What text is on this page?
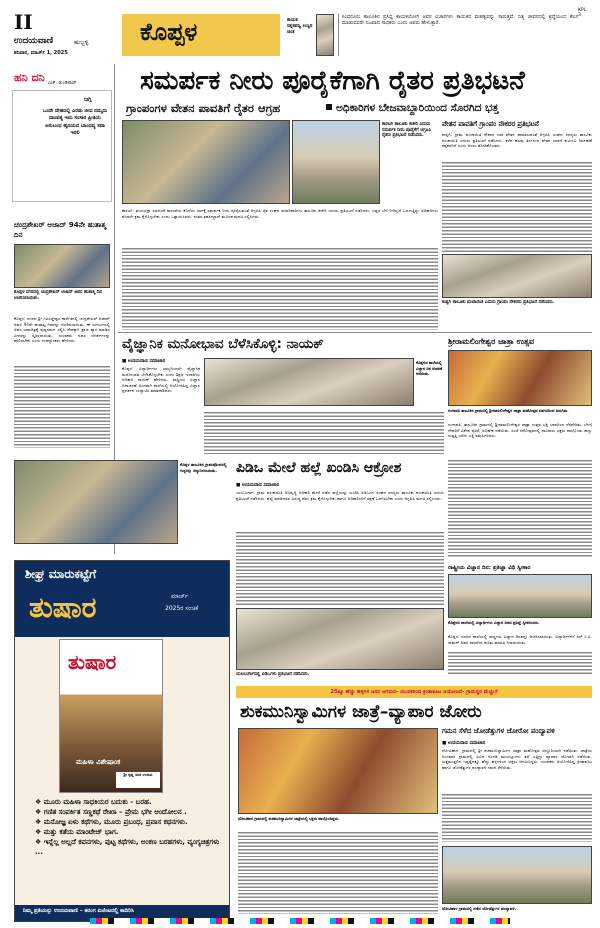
II
ಉದಯವಾಣಿ	ಹುಬ್ಬಳ್ಳಿ
ಶನಿವಾರ, ಮಾರ್ಚ್ 1, 2025
ಕೊಪ್ಪಳ	ಕಾಯಕ ರತ್ನತಪಸ್ವಿ ಉಸ್ಸಿನ ಚಿಂತ
ಸಿಂಧನೂರು ತಾಲೂಕಿನ ಪ್ರಸಿದ್ಧ ಕಾಯಕಯೋಗಿ ಅವರ ವಿಚಾರಗಳು ಕಾಯಕದ ಮಹತ್ವವನ್ನು ಸಾರುತ್ತವೆ. ನಿತ್ಯ ಜೀವನದಲ್ಲಿ ಶ್ರದ್ಧೆಯಿಂದ ಕೆಲಸ ಮಾಡುವವರೇ ನಿಜವಾದ ಸಾಧಕರು ಎಂದು ಅವರು ಹೇಳುತ್ತಾರೆ.
KPL 3
ಹನಿ ದನಿ ಎಚ್. ಡುಂಡಿರಾಜ್
ಜಗ್ಗಿ
ಒಂದೇ ದೇಹದಲ್ಲಿ ಎರಡು ಜೀವ ನಮ್ಮದು ದಾಂಪತ್ಯ ಇದು ಸಂಸಾರ ಪ್ರೀತಿಯ ಅನುಬಂಧ ಹೃದಯದ ಬಾಂಧವ್ಯ ಸದಾ ಇರಲಿ
ಚಂದ್ರಶೇಖರ್ ಆಜಾದ್ 94ನೇ ಹುತಾತ್ಮ ದಿನ
ಕೊಪ್ಪಳ ನಗರದಲ್ಲಿ ಚಂದ್ರಶೇಖರ್ ಆಜಾದ್ ಅವರ ಹುತಾತ್ಮ ದಿನ ಆಚರಿಸಲಾಯಿತು.
ಕೊಪ್ಪಳ: ನಗರದ ಶ್ರೀ ಗವಿಸಿದ್ದೇಶ್ವರ ಕಾಲೇಜಿನಲ್ಲಿ ಚಂದ್ರಶೇಖರ್ ಆಜಾದ್ ಅವರ 94ನೇ ಹುತಾತ್ಮ ದಿನವನ್ನು ಆಚರಿಸಲಾಯಿತು. ಈ ಸಂದರ್ಭದಲ್ಲಿ ಅವರ ಭಾವಚಿತ್ರಕ್ಕೆ ಪುಷ್ಪನಮನ ಸಲ್ಲಿಸಿ ದೇಶಕ್ಕಾಗಿ ಪ್ರಾಣ ತ್ಯಾಗ ಮಾಡಿದ ವೀರರನ್ನು ಸ್ಮರಿಸಲಾಯಿತು. ಯುವಕರು ಅವರ ಆದರ್ಶಗಳನ್ನು ಪಾಲಿಸಬೇಕು ಎಂದು ಉಪನ್ಯಾಸಕರು ಹೇಳಿದರು.
ಸಮರ್ಪಕ ನೀರು ಪೂರೈಕೆಗಾಗಿ ರೈತರ ಪ್ರತಿಭಟನೆ
ಗ್ರಾಂಪಂಗಳ ವೇತನ ಪಾವತಿಗೆ ರೈತರ ಆಗ್ರಹ	ಅಧಿಕಾರಿಗಳ ಬೇಜವಾಬ್ದಾರಿಯಿಂದ ಸೊರಗಿದ ಭತ್ತ
ಕಾರಟಗಿ ತಾಲೂಕು ಕಚೇರಿ ಎದುರು ಸಮರ್ಪಕ ನೀರು ಪೂರೈಕೆಗೆ ಆಗ್ರಹಿಸಿ ರೈತರು ಪ್ರತಿಭಟನೆ ನಡೆಸಿದರು.
ವೇತನ ಪಾವತಿಗೆ ಗ್ರಾಂಪಂ ನೌಕರರ ಪ್ರತಿಭಟನೆ
ಕುಷ್ಟಗಿ: ಗ್ರಾಮ ಪಂಚಾಯಿತಿ ನೌಕರರ ಬಾಕಿ ವೇತನ ಪಾವತಿಸುವಂತೆ ಆಗ್ರಹಿಸಿ ಸಂಘದ ಸದಸ್ಯರು ತಾಲೂಕು ಪಂಚಾಯಿತಿ ಎದುರು ಪ್ರತಿಭಟನೆ ನಡೆಸಿದರು. ಕಳೆದ ಹಲವು ತಿಂಗಳಿಂದ ವೇತನ ಬಾರದೆ ಕುಟುಂಬ ನಿರ್ವಹಣೆ ಕಷ್ಟವಾಗಿದೆ ಎಂದು ಅಳಲು ತೋಡಿಕೊಂಡರು.
ಕುಷ್ಟಗಿ ತಾಲೂಕು ಪಂಚಾಯಿತಿ ಎದುರು ಗ್ರಾಂಪಂ ನೌಕರರು ಪ್ರತಿಭಟನೆ ನಡೆಸಿದರು.
ಕಾರಟಗಿ: ತುಂಗಭದ್ರಾ ಎಡದಂಡೆ ಕಾಲುವೆಯ ಕೊನೆಯ ಭಾಗಕ್ಕೆ ಸಮರ್ಪಕ ನೀರು ಪೂರೈಸುವಂತೆ ಆಗ್ರಹಿಸಿ ರೈತ ಸಂಘದ ಪದಾಧಿಕಾರಿಗಳು ತಾಲೂಕು ಕಚೇರಿ ಎದುರು ಪ್ರತಿಭಟನೆ ನಡೆಸಿದರು. ಭತ್ತದ ಬೆಳೆ ನೀರಿಲ್ಲದೆ ಒಣಗುತ್ತಿದ್ದು ಅಧಿಕಾರಿಗಳು ಕೂಡಲೇ ಕ್ರಮ ಕೈಗೊಳ್ಳಬೇಕು ಎಂದು ಒತ್ತಾಯಿಸಿದರು. ನಂತರ ತಹಸೀಲ್ದಾರ್ ಮೂಲಕ ಮನವಿ ಸಲ್ಲಿಸಿದರು.
ವೈಜ್ಞಾನಿಕ ಮನೋಭಾವ ಬೆಳೆಸಿಕೊಳ್ಳಿ: ನಾಯಕ್
■ ಉದಯವಾಣಿ ಸಮಾಚಾರ
ಕೊಪ್ಪಳ: ವಿದ್ಯಾರ್ಥಿಗಳು ಬಾಲ್ಯದಿಂದಲೇ ವೈಜ್ಞಾನಿಕ ಮನೋಭಾವ ಬೆಳೆಸಿಕೊಳ್ಳಬೇಕು ಎಂದು ಶಿಕ್ಷಣ ಇಲಾಖೆಯ ಅಧಿಕಾರಿ ನಾಯಕ್ ಹೇಳಿದರು. ರಾಷ್ಟ್ರೀಯ ವಿಜ್ಞಾನ ದಿನಾಚರಣೆ ಅಂಗವಾಗಿ ಶಾಲೆಯಲ್ಲಿ ಆಯೋಜಿಸಿದ್ದ ವಿಜ್ಞಾನ ಪ್ರದರ್ಶನ ಉದ್ಘಾಟಿಸಿ ಮಾತನಾಡಿದರು.
ಕೊಪ್ಪಳದ ಶಾಲೆಯಲ್ಲಿ ವಿಜ್ಞಾನ ದಿನ ಆಚರಣೆ ನಡೆಯಿತು.
ಶ್ರೀರಾಮಲಿಂಗೇಶ್ವರ ಜಾತ್ರಾ ಉತ್ಸವ
ಗಂಗಾವತಿ ತಾಲೂಕಿನ ಗ್ರಾಮದಲ್ಲಿ ಶ್ರೀರಾಮಲಿಂಗೇಶ್ವರ ಜಾತ್ರಾ ಮಹೋತ್ಸವ ಸಡಗರದಿಂದ ಜರುಗಿತು.
ಗಂಗಾವತಿ: ತಾಲೂಕಿನ ಗ್ರಾಮದಲ್ಲಿ ಶ್ರೀರಾಮಲಿಂಗೇಶ್ವರ ಜಾತ್ರಾ ಉತ್ಸವ ಭಕ್ತಿ ಭಾವದಿಂದ ನೆರವೇರಿತು. ಬೆಳಗ್ಗೆ ದೇವರಿಗೆ ವಿಶೇಷ ಪೂಜೆ, ಅಭಿಷೇಕ ನಡೆಯಿತು. ಸಂಜೆ ರಥೋತ್ಸವದಲ್ಲಿ ಸಾವಿರಾರು ಭಕ್ತರು ಪಾಲ್ಗೊಂಡು ಹಣ್ಣು ಉತ್ತತ್ತಿ ಎಸೆದು ಭಕ್ತಿ ಸಮರ್ಪಿಸಿದರು.
ರಾಷ್ಟ್ರೀಯ ವಿಜ್ಞಾನ ದಿನ: ಪ್ರತಿಜ್ಞಾ ವಿಧಿ ಸ್ವೀಕಾರ
ಕೊಪ್ಪಳದ ಶಾಲೆಯಲ್ಲಿ ವಿದ್ಯಾರ್ಥಿಗಳು ವಿಜ್ಞಾನ ದಿನದ ಪ್ರತಿಜ್ಞೆ ಸ್ವೀಕರಿಸಿದರು.
ಕೊಪ್ಪಳ: ನಗರದ ಶಾಲೆಯಲ್ಲಿ ರಾಷ್ಟ್ರೀಯ ವಿಜ್ಞಾನ ದಿನವನ್ನು ಆಚರಿಸಲಾಯಿತು. ವಿದ್ಯಾರ್ಥಿಗಳಿಗೆ ಸರ್ ಸಿ.ವಿ. ರಾಮನ್ ಅವರ ಸಾಧನೆಯ ಕುರಿತು ಮಾಹಿತಿ ನೀಡಲಾಯಿತು.
ಕೊಪ್ಪಳ ತಾಲೂಕಿನ ಗ್ರಾಮವೊಂದರಲ್ಲಿ ಗಣ್ಯರನ್ನು ಸನ್ಮಾನಿಸಲಾಯಿತು.	ಪಿಡಿಒ ಮೇಲೆ ಹಲ್ಲೆ ಖಂಡಿಸಿ ಆಕ್ರೋಶ
■ ಉದಯವಾಣಿ ಸಮಾಚಾರ
ಯಲಬುರ್ಗಾ: ಗ್ರಾಮ ಪಂಚಾಯಿತಿ ಅಭಿವೃದ್ಧಿ ಅಧಿಕಾರಿ ಮೇಲೆ ನಡೆದ ಹಲ್ಲೆಯನ್ನು ಖಂಡಿಸಿ ಪಿಡಿಒಗಳ ಸಂಘದ ಸದಸ್ಯರು ತಾಲೂಕು ಪಂಚಾಯಿತಿ ಎದುರು ಪ್ರತಿಭಟನೆ ನಡೆಸಿದರು. ಹಲ್ಲೆ ಮಾಡಿದವರ ವಿರುದ್ಧ ಕಠಿಣ ಕ್ರಮ ಕೈಗೊಳ್ಳಬೇಕು ಹಾಗೂ ಅಧಿಕಾರಿಗಳಿಗೆ ರಕ್ಷಣೆ ಒದಗಿಸಬೇಕು ಎಂದು ಆಗ್ರಹಿಸಿ ಮನವಿ ಸಲ್ಲಿಸಿದರು.
ಯಲಬುರ್ಗಾದಲ್ಲಿ ಪಿಡಿಒಗಳು ಪ್ರತಿಭಟನೆ ನಡೆಸಿದರು.
ಶೀಘ್ರ ಮಾರುಕಟ್ಟೆಗೆ
ತುಷಾರ	ಮಾರ್ಚ್
2025ರ ಸಂಚಿಕೆ
ತುಷಾರ
ಮಹಿಳಾ ವಿಶೇಷಾಂಕ
ಶ್ರೀ ಕೃಷ್ಣ ಮಠ ಉಡುಪಿ
❖ ಮೂರು ಮಹಿಳಾ ಸಾಧಕಿಯರ ಬದುಕು - ಬರಹ.
❖ ಗಣಿತ ಸಂಪರ್ಕಿತ ಸಣ್ಣಕಥೆ ರೇಖಾ – ಪ್ರೇಮ ಭಗೀ ಆಂದೋಲನ .
❖ ಮನೋಜ್ಞ ಏಳು ಕಥೆಗಳು, ಮೂರು ಪ್ರಬಂಧ, ಪ್ರವಾಸ ಕಥನಗಳು.
❖ ಮತ್ತು ಕತೆಯ ಮಾಂಟೇಜ್ ಭಾಗ.
❖ ಇನ್ನೆಲ್ಲ ಅಲ್ಲದೆ ಕವನಗಳು, ಪುಟ್ಟ ಕಥೆಗಳು, ಅಂಕಣ ಬರಹಗಳು, ವ್ಯಂಗ್ಯಚಿತ್ರಗಳು ...
ನಿಮ್ಮ ಪ್ರತಿಯನ್ನು ಉದಯವಾಣಿ – ತರಂಗ ಏಜೆಂಟರಲ್ಲಿ ಕಾದಿರಿಸಿ
25ಕ್ಕೂ ಹೆಚ್ಚು ಹಳ್ಳಿಗಳ ಜನರ ಆಗಮನ- ಯುವಕರಿಂದ ಕ್ರೀಡಾಕೂಟ ಆಯೋಜನೆ- ಗ್ರಾಮಸ್ಥರ ಮೆಚ್ಚುಗೆ
ಶುಕಮುನಿಸ್ವಾಮಿಗಳ ಜಾತ್ರೆ–ವ್ಯಾಪಾರ ಜೋರು
ಗಮನ ಸೆಳೆದ ಜೋಡೆತ್ತುಗಳ ಜೋರೋ ಪಂದ್ಯಾವಳಿ
ದೋಟಿಹಾಳ ಗ್ರಾಮದಲ್ಲಿ ಶುಕಮುನಿಸ್ವಾಮಿಗಳ ಜಾತ್ರೆಯಲ್ಲಿ ಭಕ್ತರು ಪಾಲ್ಗೊಂಡಿದ್ದರು.
■ ಉದಯವಾಣಿ ಸಮಾಚಾರ
ದೋಟಿಹಾಳ: ಗ್ರಾಮದಲ್ಲಿ ಶ್ರೀ ಶುಕಮುನಿಸ್ವಾಮಿಗಳ ಜಾತ್ರಾ ಮಹೋತ್ಸವ ಅದ್ಧೂರಿಯಾಗಿ ನಡೆಯಿತು. ಜಾತ್ರೆಯ ಅಂಗವಾಗಿ ಗ್ರಾಮದಲ್ಲಿ ವಿವಿಧ ಅಂಗಡಿ ಮುಂಗಟ್ಟುಗಳು ತಲೆ ಎತ್ತಿದ್ದು ವ್ಯಾಪಾರ ಜೋರಾಗಿ ನಡೆಯಿತು. ಸುತ್ತಮುತ್ತಲಿನ ಇಪ್ಪತ್ತೈದಕ್ಕೂ ಹೆಚ್ಚು ಹಳ್ಳಿಗಳಿಂದ ಭಕ್ತರು ಆಗಮಿಸಿದ್ದರು. ಯುವಕರು ಆಯೋಜಿಸಿದ್ದ ಕ್ರೀಡಾಕೂಟ ಹಾಗೂ ಜೋಡೆತ್ತುಗಳ ಪಂದ್ಯಾವಳಿ ಗಮನ ಸೆಳೆಯಿತು.
ದೋಟಿಹಾಳ ಗ್ರಾಮದಲ್ಲಿ ನಡೆದ ಜೋಡೆತ್ತುಗಳ ಪಂದ್ಯಾವಳಿ.
